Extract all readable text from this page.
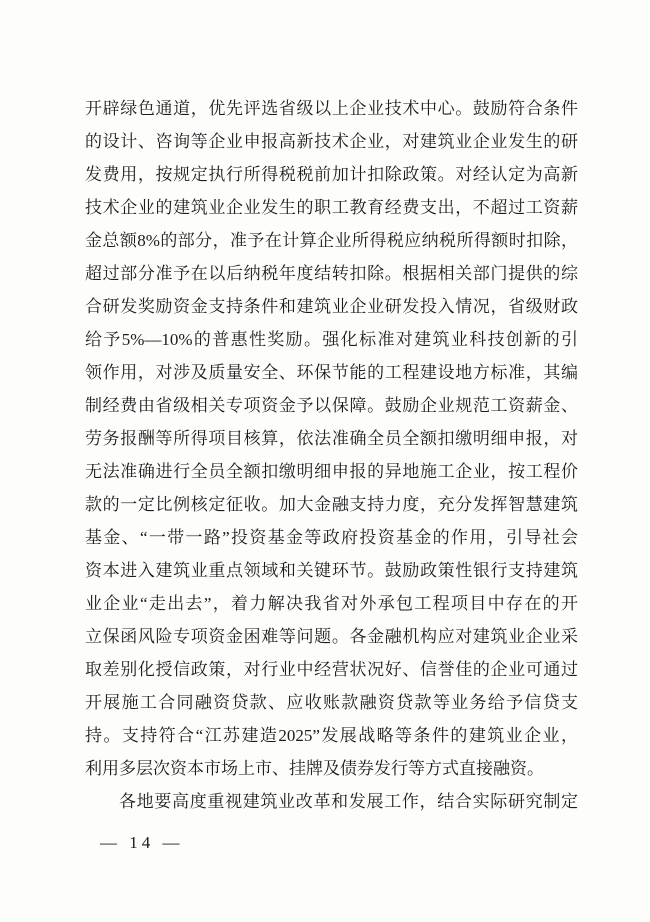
开辟绿色通道，优先评选省级以上企业技术中心。鼓励符合条件
的设计、咨询等企业申报高新技术企业，对建筑业企业发生的研
发费用，按规定执行所得税税前加计扣除政策。对经认定为高新
技术企业的建筑业企业发生的职工教育经费支出，不超过工资薪
金总额8%的部分，准予在计算企业所得税应纳税所得额时扣除，
超过部分准予在以后纳税年度结转扣除。根据相关部门提供的综
合研发奖励资金支持条件和建筑业企业研发投入情况，省级财政
给予5%—10%的普惠性奖励。强化标准对建筑业科技创新的引
领作用，对涉及质量安全、环保节能的工程建设地方标准，其编
制经费由省级相关专项资金予以保障。鼓励企业规范工资薪金、
劳务报酬等所得项目核算，依法准确全员全额扣缴明细申报，对
无法准确进行全员全额扣缴明细申报的异地施工企业，按工程价
款的一定比例核定征收。加大金融支持力度，充分发挥智慧建筑
基金、“一带一路”投资基金等政府投资基金的作用，引导社会
资本进入建筑业重点领域和关键环节。鼓励政策性银行支持建筑
业企业“走出去”，着力解决我省对外承包工程项目中存在的开
立保函风险专项资金困难等问题。各金融机构应对建筑业企业采
取差别化授信政策，对行业中经营状况好、信誉佳的企业可通过
开展施工合同融资贷款、应收账款融资贷款等业务给予信贷支
持。支持符合“江苏建造2025”发展战略等条件的建筑业企业，
利用多层次资本市场上市、挂牌及债券发行等方式直接融资。
各地要高度重视建筑业改革和发展工作，结合实际研究制定
— 14 —
